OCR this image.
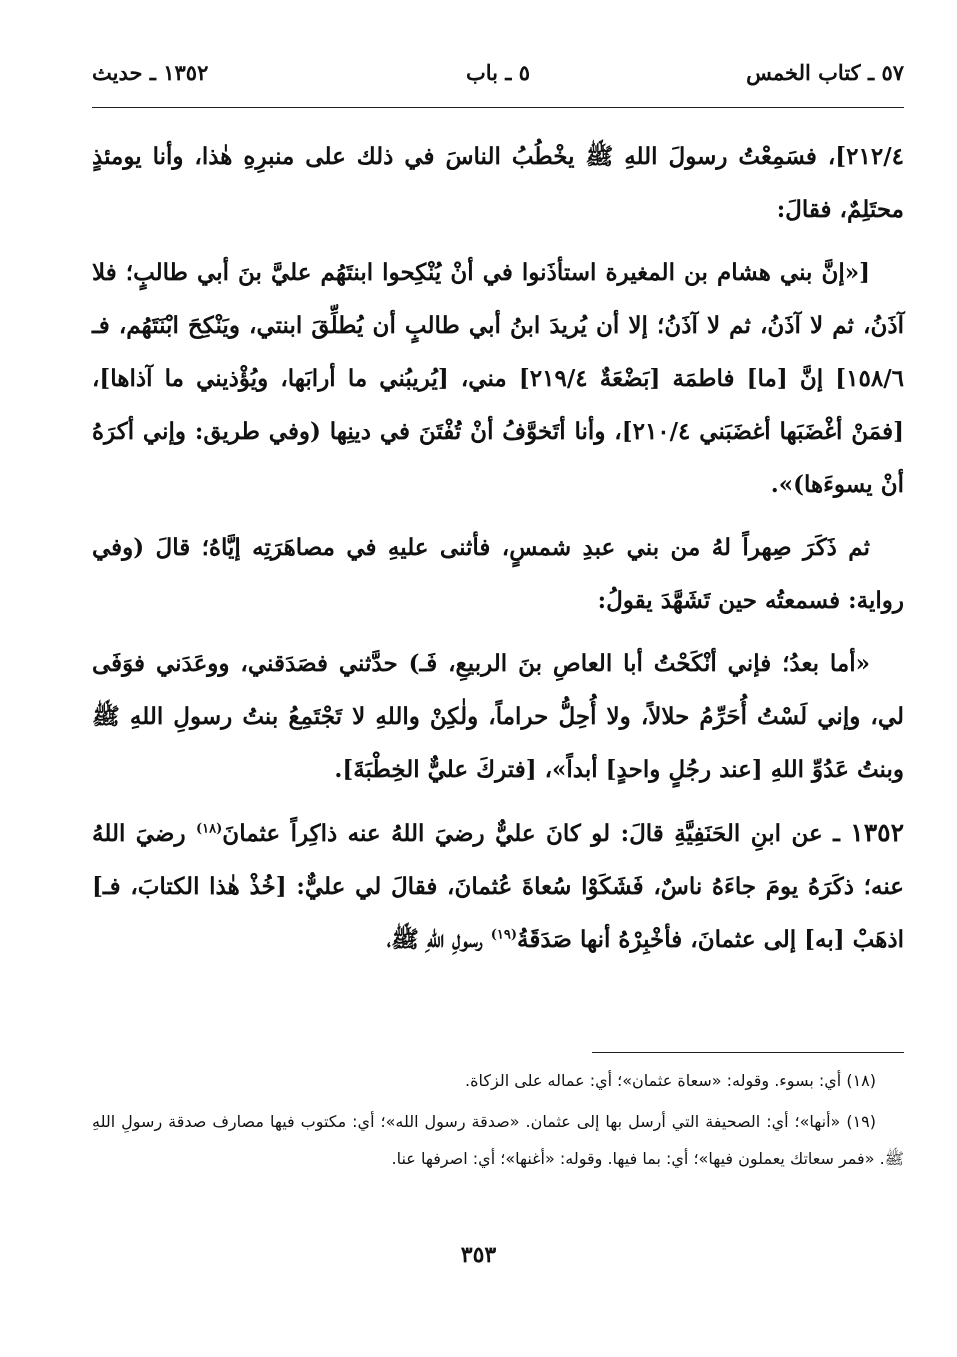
٥٧ ـ كتاب الخمس
٥ ـ باب
١٣٥٢ ـ حديث

٢١٢/٤]، فسَمِعْتُ رسولَ اللهِ ﷺ يخْطُبُ الناسَ في ذلك على منبرِهِ هٰذا، وأنا يومئذٍ محتَلِمٌ، فقالَ:

[«إنَّ بني هشام بن المغيرة استأذَنوا في أنْ يُنْكِحوا ابنتَهُم عليَّ بنَ أبي طالبٍ؛ فلا آذَنُ، ثم لا آذَنُ، ثم لا آذَنُ؛ إلا أن يُريدَ ابنُ أبي طالبٍ أن يُطلِّقَ ابنتي، ويَنْكِحَ ابْنَتَهُم، فـ ١٥٨/٦] إنَّ [ما] فاطمَة [بَضْعَةٌ ٢١٩/٤] مني، [يُريبُني ما أرابَها، ويُؤْذيني ما آذاها]، [فمَنْ أغْضَبَها أغضَبَني ٢١٠/٤]، وأنا أتَخوَّفُ أنْ تُفْتَنَ في دينِها (وفي طريق: وإني أكرَهُ أنْ يسوءَها)».

ثم ذَكَرَ صِهراً لهُ من بني عبدِ شمسٍ، فأثنى عليهِ في مصاهَرَتِه إيَّاهُ؛ قالَ (وفي رواية: فسمعتُه حين تَشَهَّدَ يقولُ:

«أما بعدُ؛ فإني أنْكَحْتُ أبا العاصِ بنَ الربيعِ، فَـ) حدَّثني فصَدَقني، ووعَدَني فوَفَى لي، وإني لَسْتُ أُحَرِّمُ حلالاً، ولا أُحِلُّ حراماً، ولٰكِنْ واللهِ لا تَجْتَمِعُ بنتُ رسولِ اللهِ ﷺ وبنتُ عَدُوِّ اللهِ [عند رجُلٍ واحدٍ] أبداً»، [فتركَ عليٌّ الخِطْبَةَ].

١٣٥٢ ـ عن ابنِ الحَنَفِيَّةِ قالَ: لو كانَ عليٌّ رضيَ اللهُ عنه ذاكِراً عثمانَ$^{(١٨)}$ رضيَ اللهُ عنه؛ ذكَرَهُ يومَ جاءَهُ ناسٌ، فَشَكَوْا سُعاةَ عُثمانَ، فقالَ لي عليٌّ: [خُذْ هٰذا الكتابَ، فـ] اذهَبْ [به] إلى عثمانَ، فأخْبِرْهُ أنها صَدَقَةُ$^{(١٩)}$ رسولِ اللهِ ﷺ،

(١٨) أي: بسوء. وقوله: «سعاة عثمان»؛ أي: عماله على الزكاة.

(١٩) «أنها»؛ أي: الصحيفة التي أرسل بها إلى عثمان. «صدقة رسول الله»؛ أي: مكتوب فيها مصارف صدقة رسولِ اللهِ ﷺ. «فمر سعاتك يعملون فيها»؛ أي: بما فيها. وقوله: «أغنها»؛ أي: اصرفها عنا.

٣٥٣
